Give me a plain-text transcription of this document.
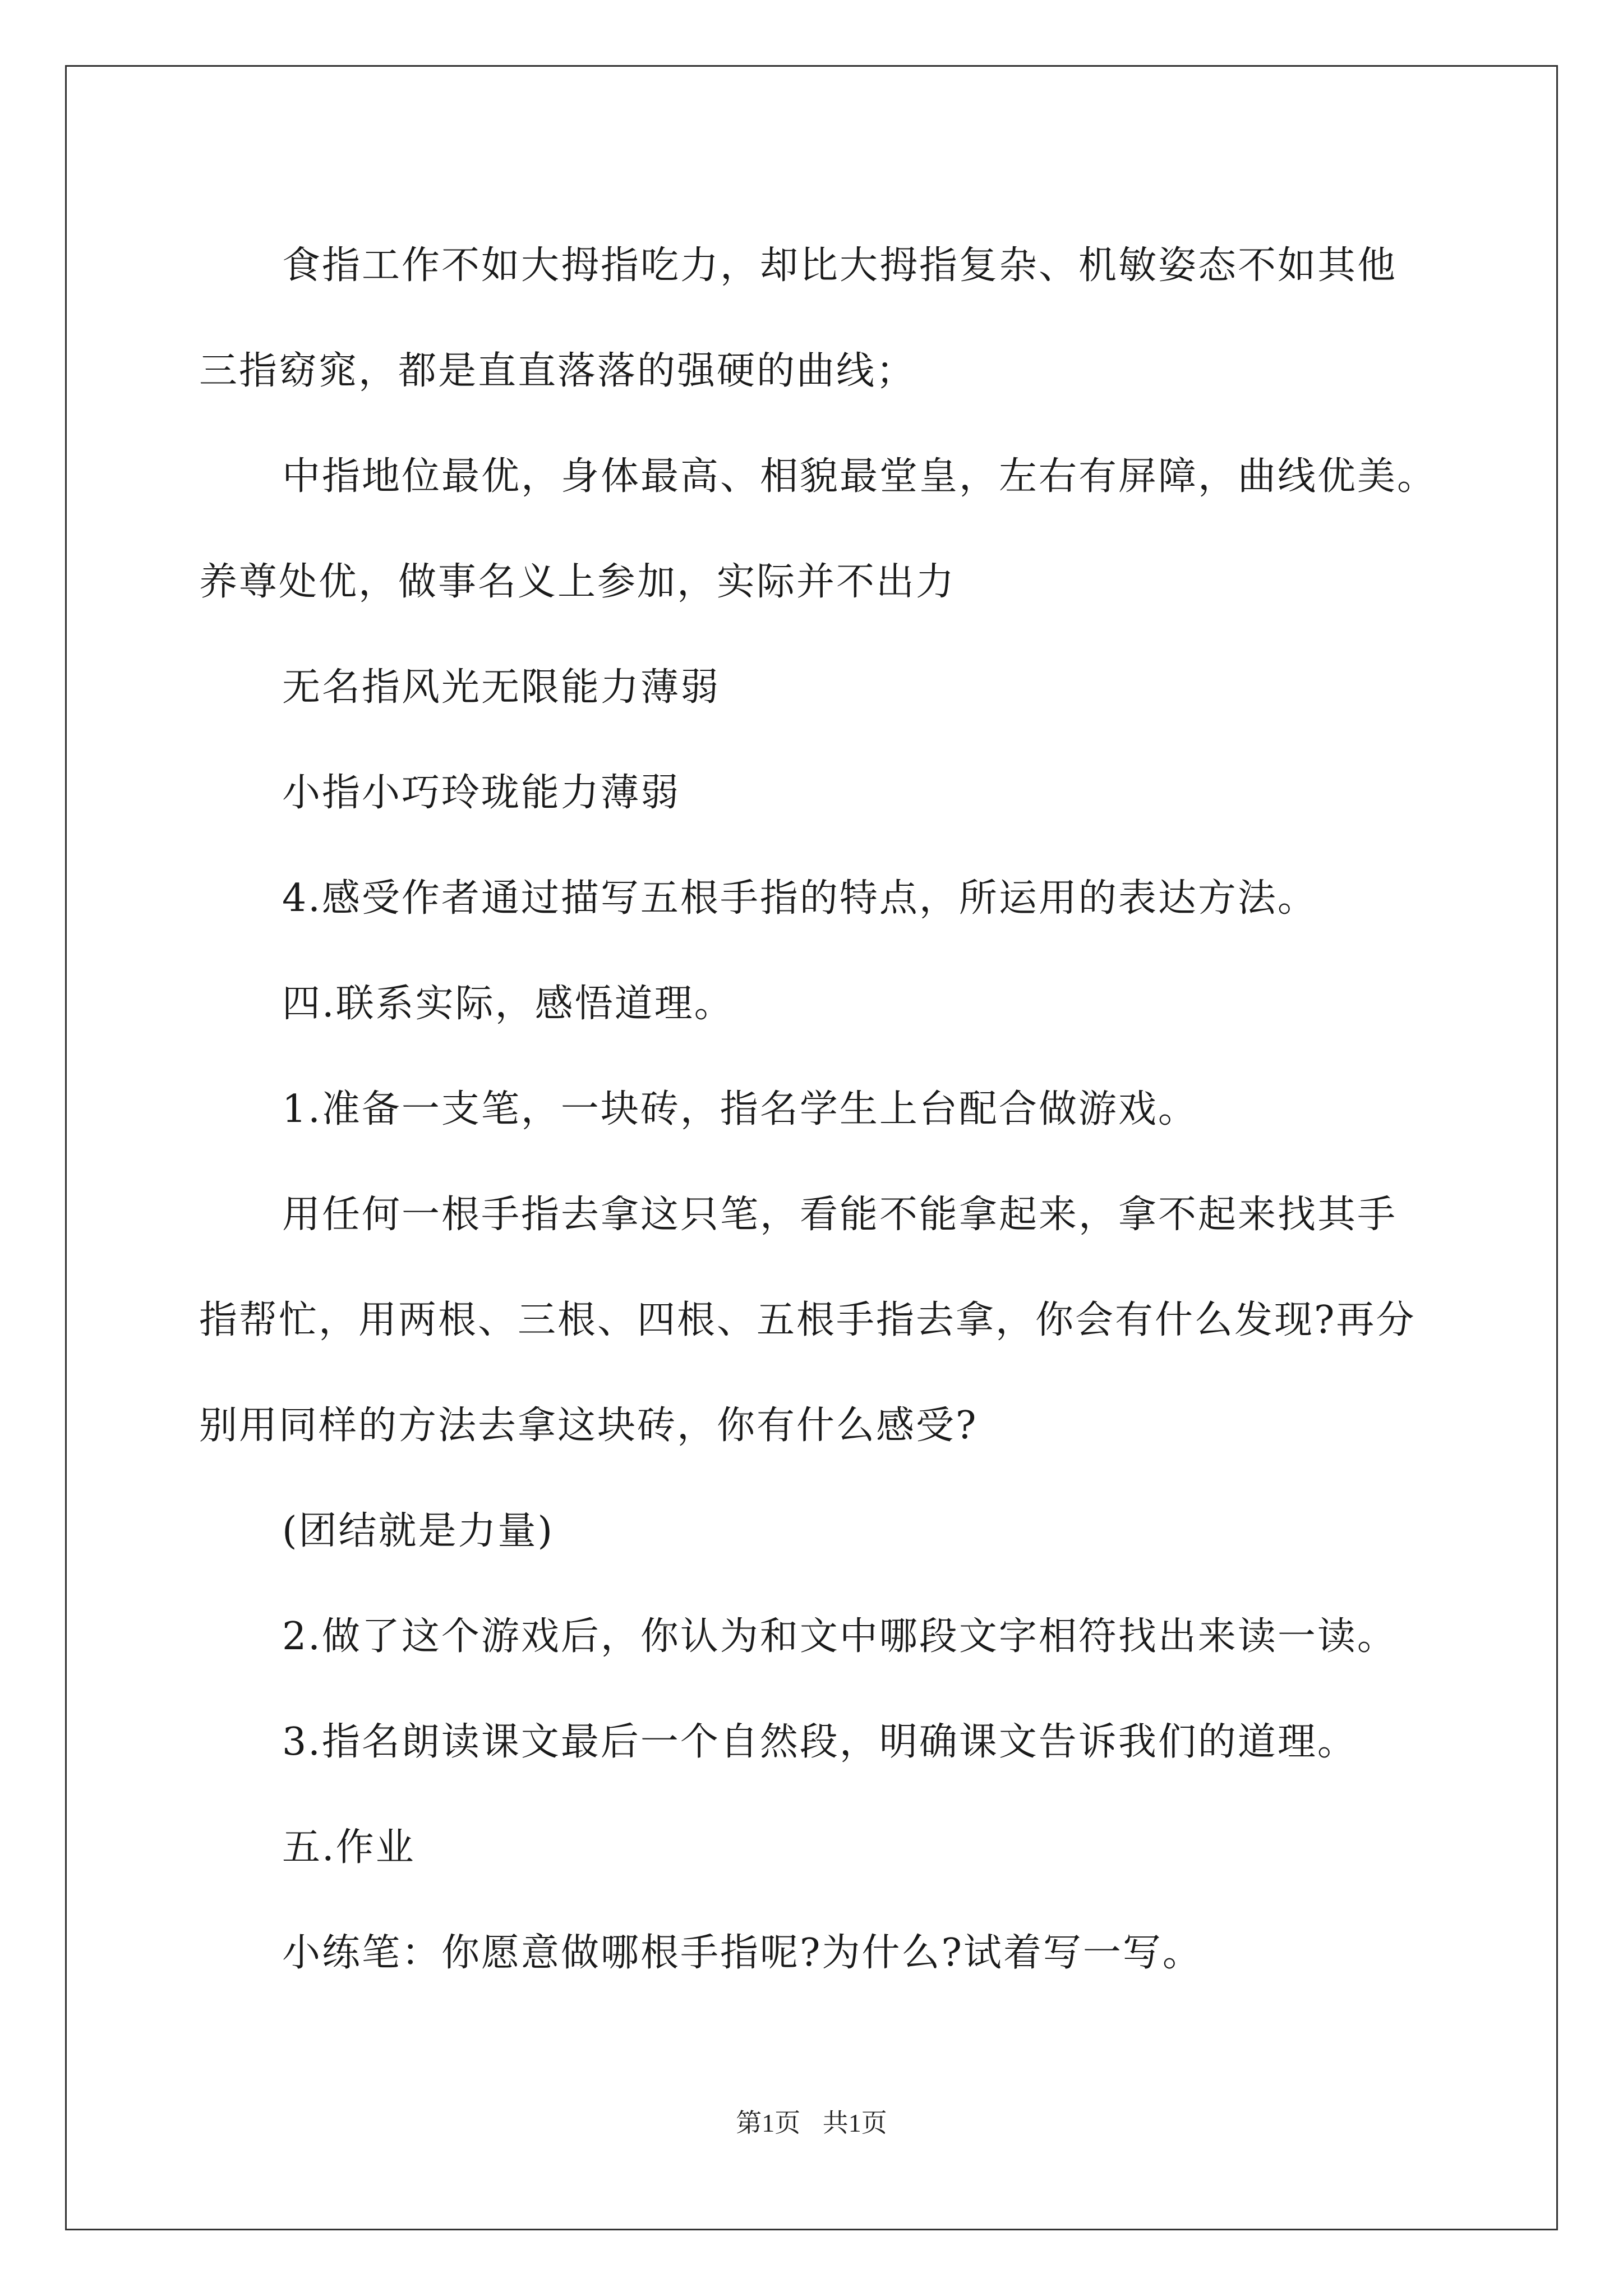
食指工作不如大拇指吃力，却比大拇指复杂、机敏姿态不如其他
三指窈窕，都是直直落落的强硬的曲线；
中指地位最优，身体最高、相貌最堂皇，左右有屏障，曲线优美。
养尊处优，做事名义上参加，实际并不出力
无名指风光无限能力薄弱
小指小巧玲珑能力薄弱
4.感受作者通过描写五根手指的特点，所运用的表达方法。
四.联系实际，感悟道理。
1.准备一支笔，一块砖，指名学生上台配合做游戏。
用任何一根手指去拿这只笔，看能不能拿起来，拿不起来找其手
指帮忙，用两根、三根、四根、五根手指去拿，你会有什么发现?再分
别用同样的方法去拿这块砖，你有什么感受?
(团结就是力量)
2.做了这个游戏后，你认为和文中哪段文字相符找出来读一读。
3.指名朗读课文最后一个自然段，明确课文告诉我们的道理。
五.作业
小练笔：你愿意做哪根手指呢?为什么?试着写一写。
第1页 共1页
